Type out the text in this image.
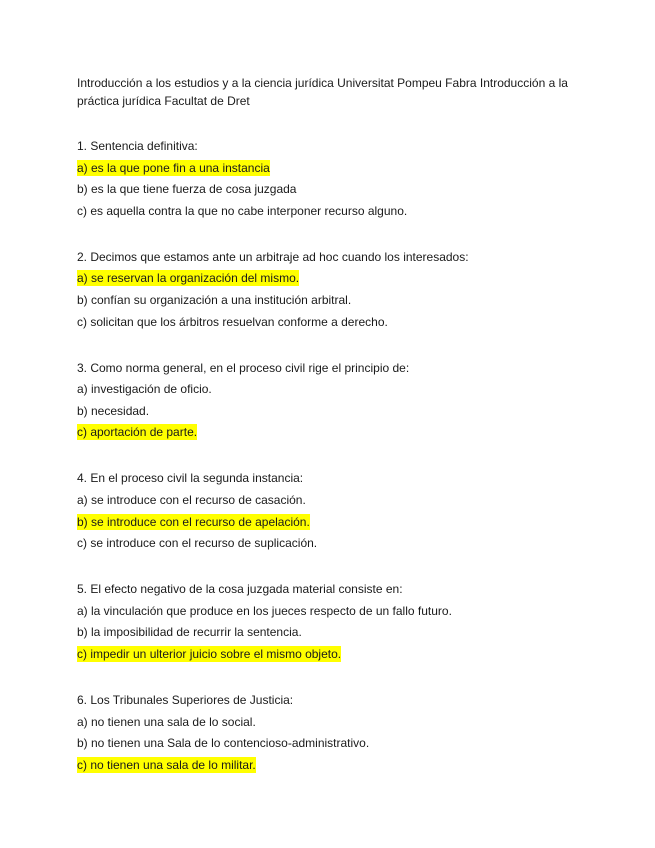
Introducción a los estudios y a la ciencia jurídica Universitat Pompeu Fabra Introducción a la práctica jurídica Facultat de Dret
1. Sentencia definitiva:
a) es la que pone fin a una instancia
b) es la que tiene fuerza de cosa juzgada
c) es aquella contra la que no cabe interponer recurso alguno.
2. Decimos que estamos ante un arbitraje ad hoc cuando los interesados:
a) se reservan la organización del mismo.
b) confían su organización a una institución arbitral.
c) solicitan que los árbitros resuelvan conforme a derecho.
3. Como norma general, en el proceso civil rige el principio de:
a) investigación de oficio.
b) necesidad.
c) aportación de parte.
4. En el proceso civil la segunda instancia:
a) se introduce con el recurso de casación.
b) se introduce con el recurso de apelación.
c) se introduce con el recurso de suplicación.
5. El efecto negativo de la cosa juzgada material consiste en:
a) la vinculación que produce en los jueces respecto de un fallo futuro.
b) la imposibilidad de recurrir la sentencia.
c) impedir un ulterior juicio sobre el mismo objeto.
6. Los Tribunales Superiores de Justicia:
a) no tienen una sala de lo social.
b) no tienen una Sala de lo contencioso-administrativo.
c) no tienen una sala de lo militar.
